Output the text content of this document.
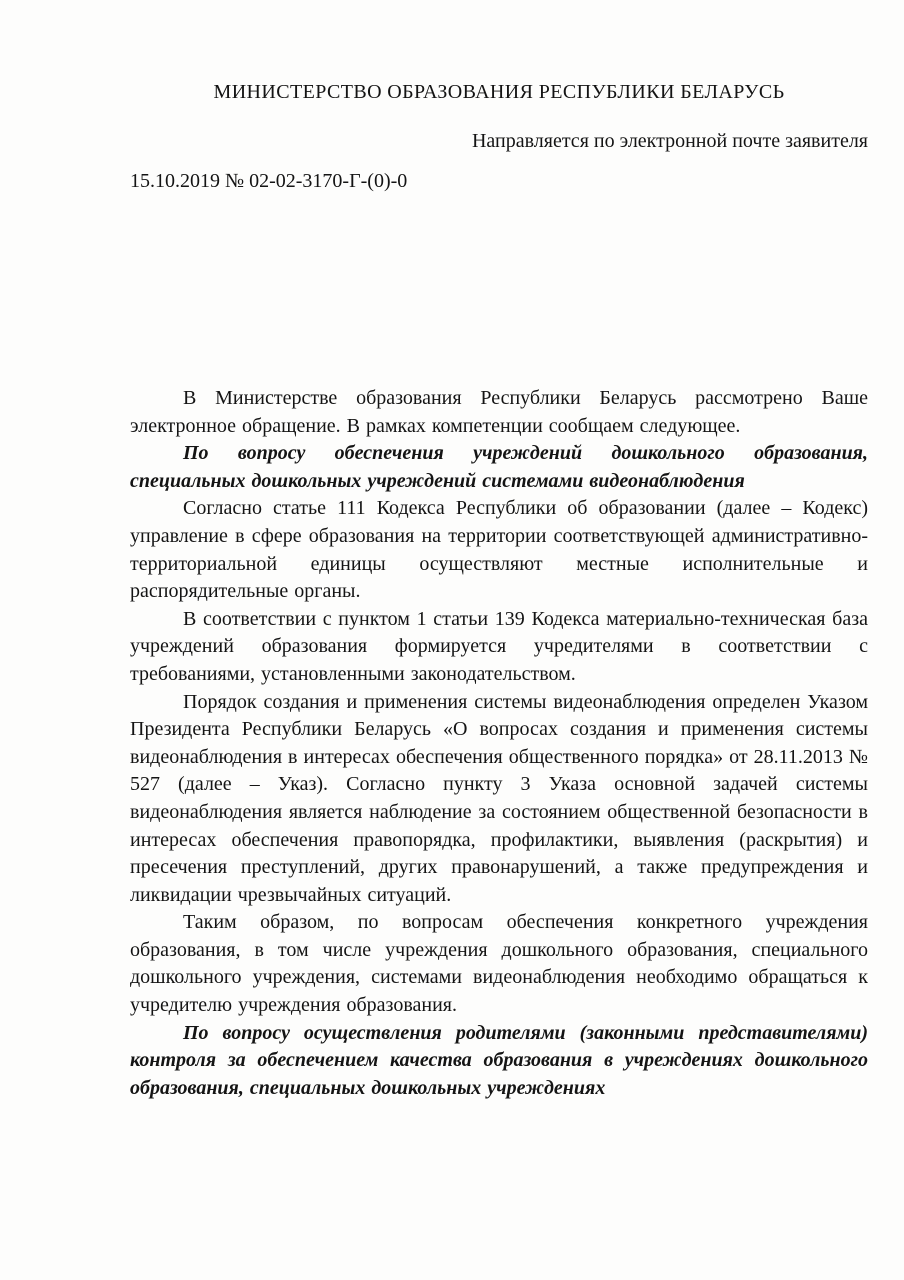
МИНИСТЕРСТВО ОБРАЗОВАНИЯ РЕСПУБЛИКИ БЕЛАРУСЬ
Направляется по электронной почте заявителя
15.10.2019 № 02-02-3170-Г-(0)-0

В Министерстве образования Республики Беларусь рассмотрено Ваше электронное обращение. В рамках компетенции сообщаем следующее.

По вопросу обеспечения учреждений дошкольного образования, специальных дошкольных учреждений системами видеонаблюдения

Согласно статье 111 Кодекса Республики об образовании (далее – Кодекс) управление в сфере образования на территории соответствующей административно-территориальной единицы осуществляют местные исполнительные и распорядительные органы.

В соответствии с пунктом 1 статьи 139 Кодекса материально-техническая база учреждений образования формируется учредителями в соответствии с требованиями, установленными законодательством.

Порядок создания и применения системы видеонаблюдения определен Указом Президента Республики Беларусь «О вопросах создания и применения системы видеонаблюдения в интересах обеспечения общественного порядка» от 28.11.2013 № 527 (далее – Указ). Согласно пункту 3 Указа основной задачей системы видеонаблюдения является наблюдение за состоянием общественной безопасности в интересах обеспечения правопорядка, профилактики, выявления (раскрытия) и пресечения преступлений, других правонарушений, а также предупреждения и ликвидации чрезвычайных ситуаций.

Таким образом, по вопросам обеспечения конкретного учреждения образования, в том числе учреждения дошкольного образования, специального дошкольного учреждения, системами видеонаблюдения необходимо обращаться к учредителю учреждения образования.

По вопросу осуществления родителями (законными представителями) контроля за обеспечением качества образования в учреждениях дошкольного образования, специальных дошкольных учреждениях
